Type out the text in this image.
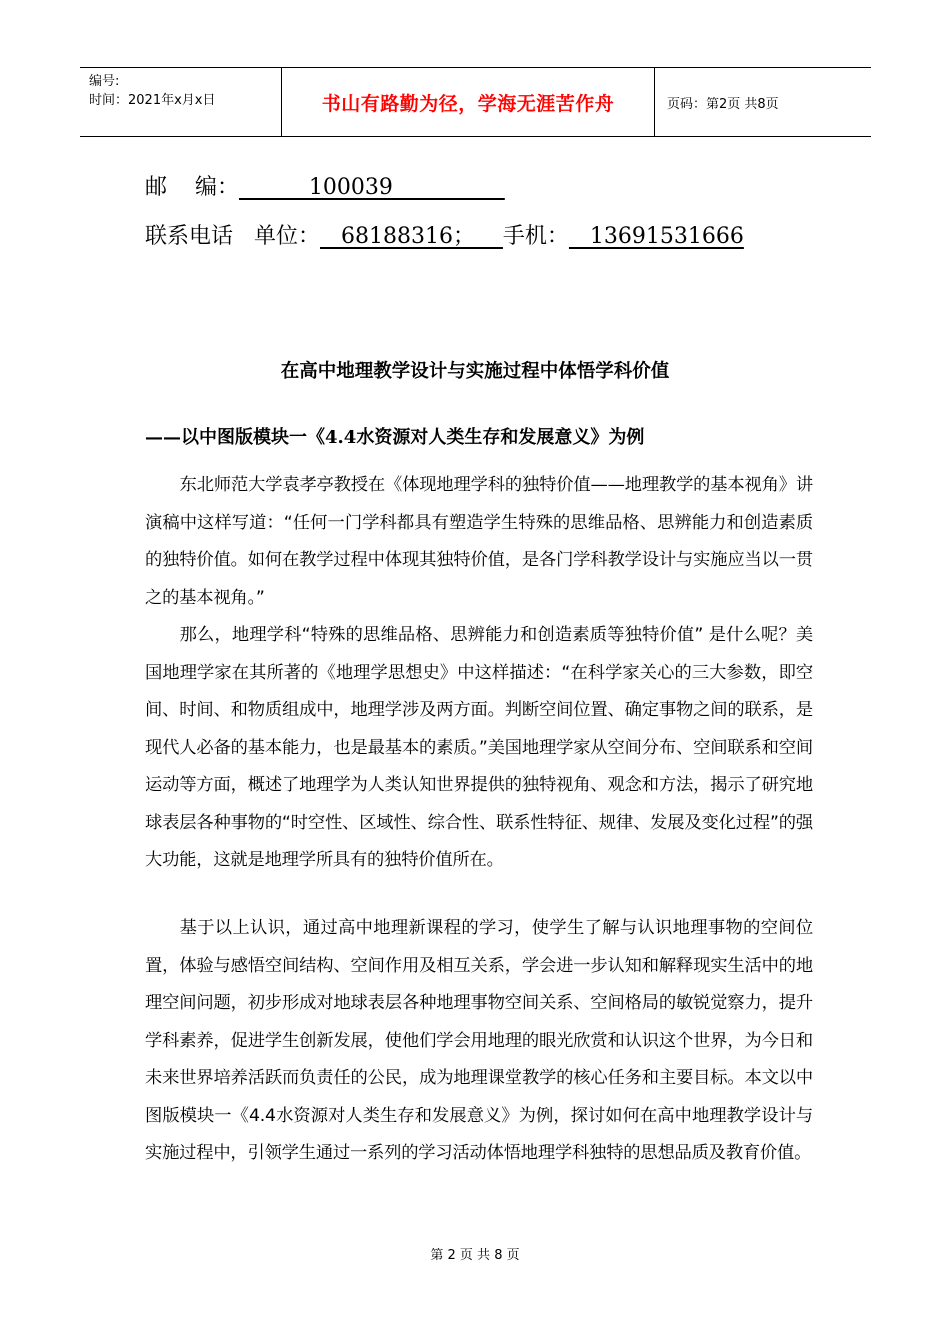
编号:
时间：2021年x月x日	书山有路勤为径，学海无涯苦作舟	页码：第2页 共8页
邮    编： 100039
联系电话   单位： 68188316； 手机： 13691531666
在高中地理教学设计与实施过程中体悟学科价值
——以中图版模块一《4.4水资源对人类生存和发展意义》为例

东北师范大学袁孝亭教授在《体现地理学科的独特价值——地理教学的基本视角》讲演稿中这样写道：“任何一门学科都具有塑造学生特殊的思维品格、思辨能力和创造素质的独特价值。如何在教学过程中体现其独特价值，是各门学科教学设计与实施应当以一贯之的基本视角。”

那么，地理学科“特殊的思维品格、思辨能力和创造素质等独特价值” 是什么呢？美国地理学家在其所著的《地理学思想史》中这样描述：“在科学家关心的三大参数，即空间、时间、和物质组成中，地理学涉及两方面。判断空间位置、确定事物之间的联系，是现代人必备的基本能力，也是最基本的素质。”美国地理学家从空间分布、空间联系和空间运动等方面，概述了地理学为人类认知世界提供的独特视角、观念和方法，揭示了研究地球表层各种事物的“时空性、区域性、综合性、联系性特征、规律、发展及变化过程”的强大功能，这就是地理学所具有的独特价值所在。

基于以上认识，通过高中地理新课程的学习，使学生了解与认识地理事物的空间位置，体验与感悟空间结构、空间作用及相互关系，学会进一步认知和解释现实生活中的地理空间问题，初步形成对地球表层各种地理事物空间关系、空间格局的敏锐觉察力，提升学科素养，促进学生创新发展，使他们学会用地理的眼光欣赏和认识这个世界，为今日和未来世界培养活跃而负责任的公民，成为地理课堂教学的核心任务和主要目标。本文以中图版模块一《4.4水资源对人类生存和发展意义》为例，探讨如何在高中地理教学设计与实施过程中，引领学生通过一系列的学习活动体悟地理学科独特的思想品质及教育价值。

第 2 页 共 8 页
